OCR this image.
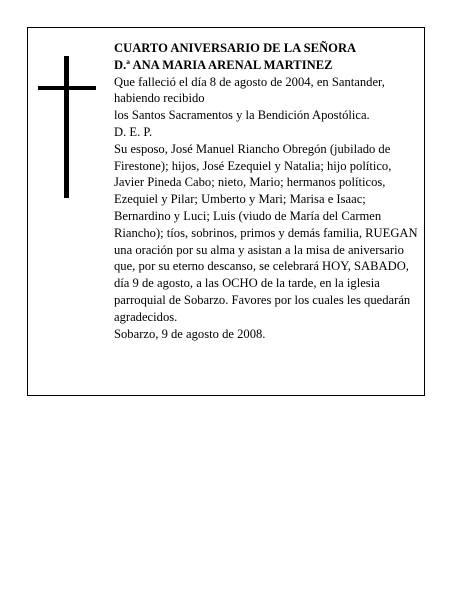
CUARTO ANIVERSARIO DE LA SEÑORA
D.ª ANA MARIA ARENAL MARTINEZ
Que falleció el día 8 de agosto de 2004, en Santander, habiendo recibido
los Santos Sacramentos y la Bendición Apostólica.
D. E. P.
Su esposo, José Manuel Riancho Obregón (jubilado de Firestone); hijos, José Ezequiel y Natalia; hijo político, Javier Pineda Cabo; nieto, Mario; hermanos políticos, Ezequiel y Pilar; Umberto y Mari; Marisa e Isaac; Bernardino y Luci; Luis (viudo de María del Carmen Riancho); tíos, sobrinos, primos y demás familia, RUEGAN una oración por su alma y asistan a la misa de aniversario que, por su eterno descanso, se celebrará HOY, SABADO, día 9 de agosto, a las OCHO de la tarde, en la iglesia parroquial de Sobarzo. Favores por los cuales les quedarán agradecidos.
Sobarzo, 9 de agosto de 2008.
